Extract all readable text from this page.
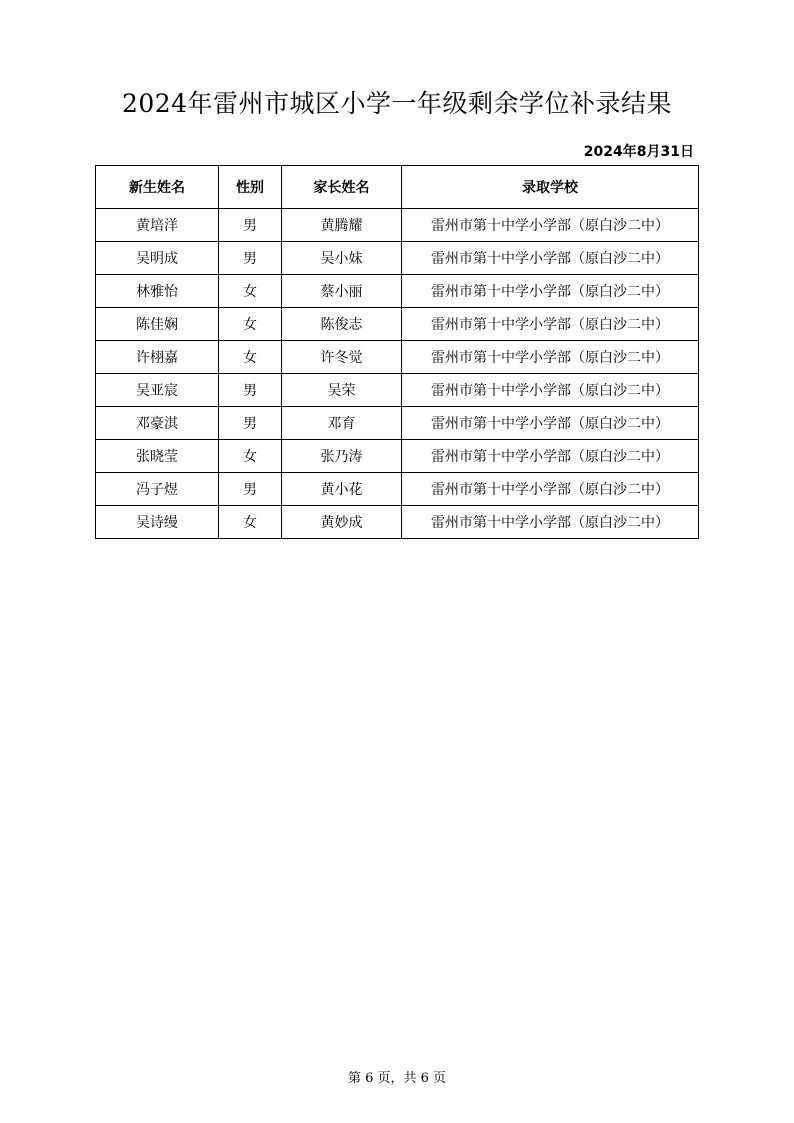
2024年雷州市城区小学一年级剩余学位补录结果
2024年8月31日
新生姓名	性别	家长姓名	录取学校
黄培洋	男	黄腾耀	雷州市第十中学小学部（原白沙二中）
吴明成	男	吴小妹	雷州市第十中学小学部（原白沙二中）
林雅怡	女	蔡小丽	雷州市第十中学小学部（原白沙二中）
陈佳娴	女	陈俊志	雷州市第十中学小学部（原白沙二中）
许栩嘉	女	许冬觉	雷州市第十中学小学部（原白沙二中）
吴亚宸	男	吴荣	雷州市第十中学小学部（原白沙二中）
邓豪淇	男	邓育	雷州市第十中学小学部（原白沙二中）
张晓莹	女	张乃涛	雷州市第十中学小学部（原白沙二中）
冯子煜	男	黄小花	雷州市第十中学小学部（原白沙二中）
吴诗缦	女	黄妙成	雷州市第十中学小学部（原白沙二中）
第 6 页，共 6 页
